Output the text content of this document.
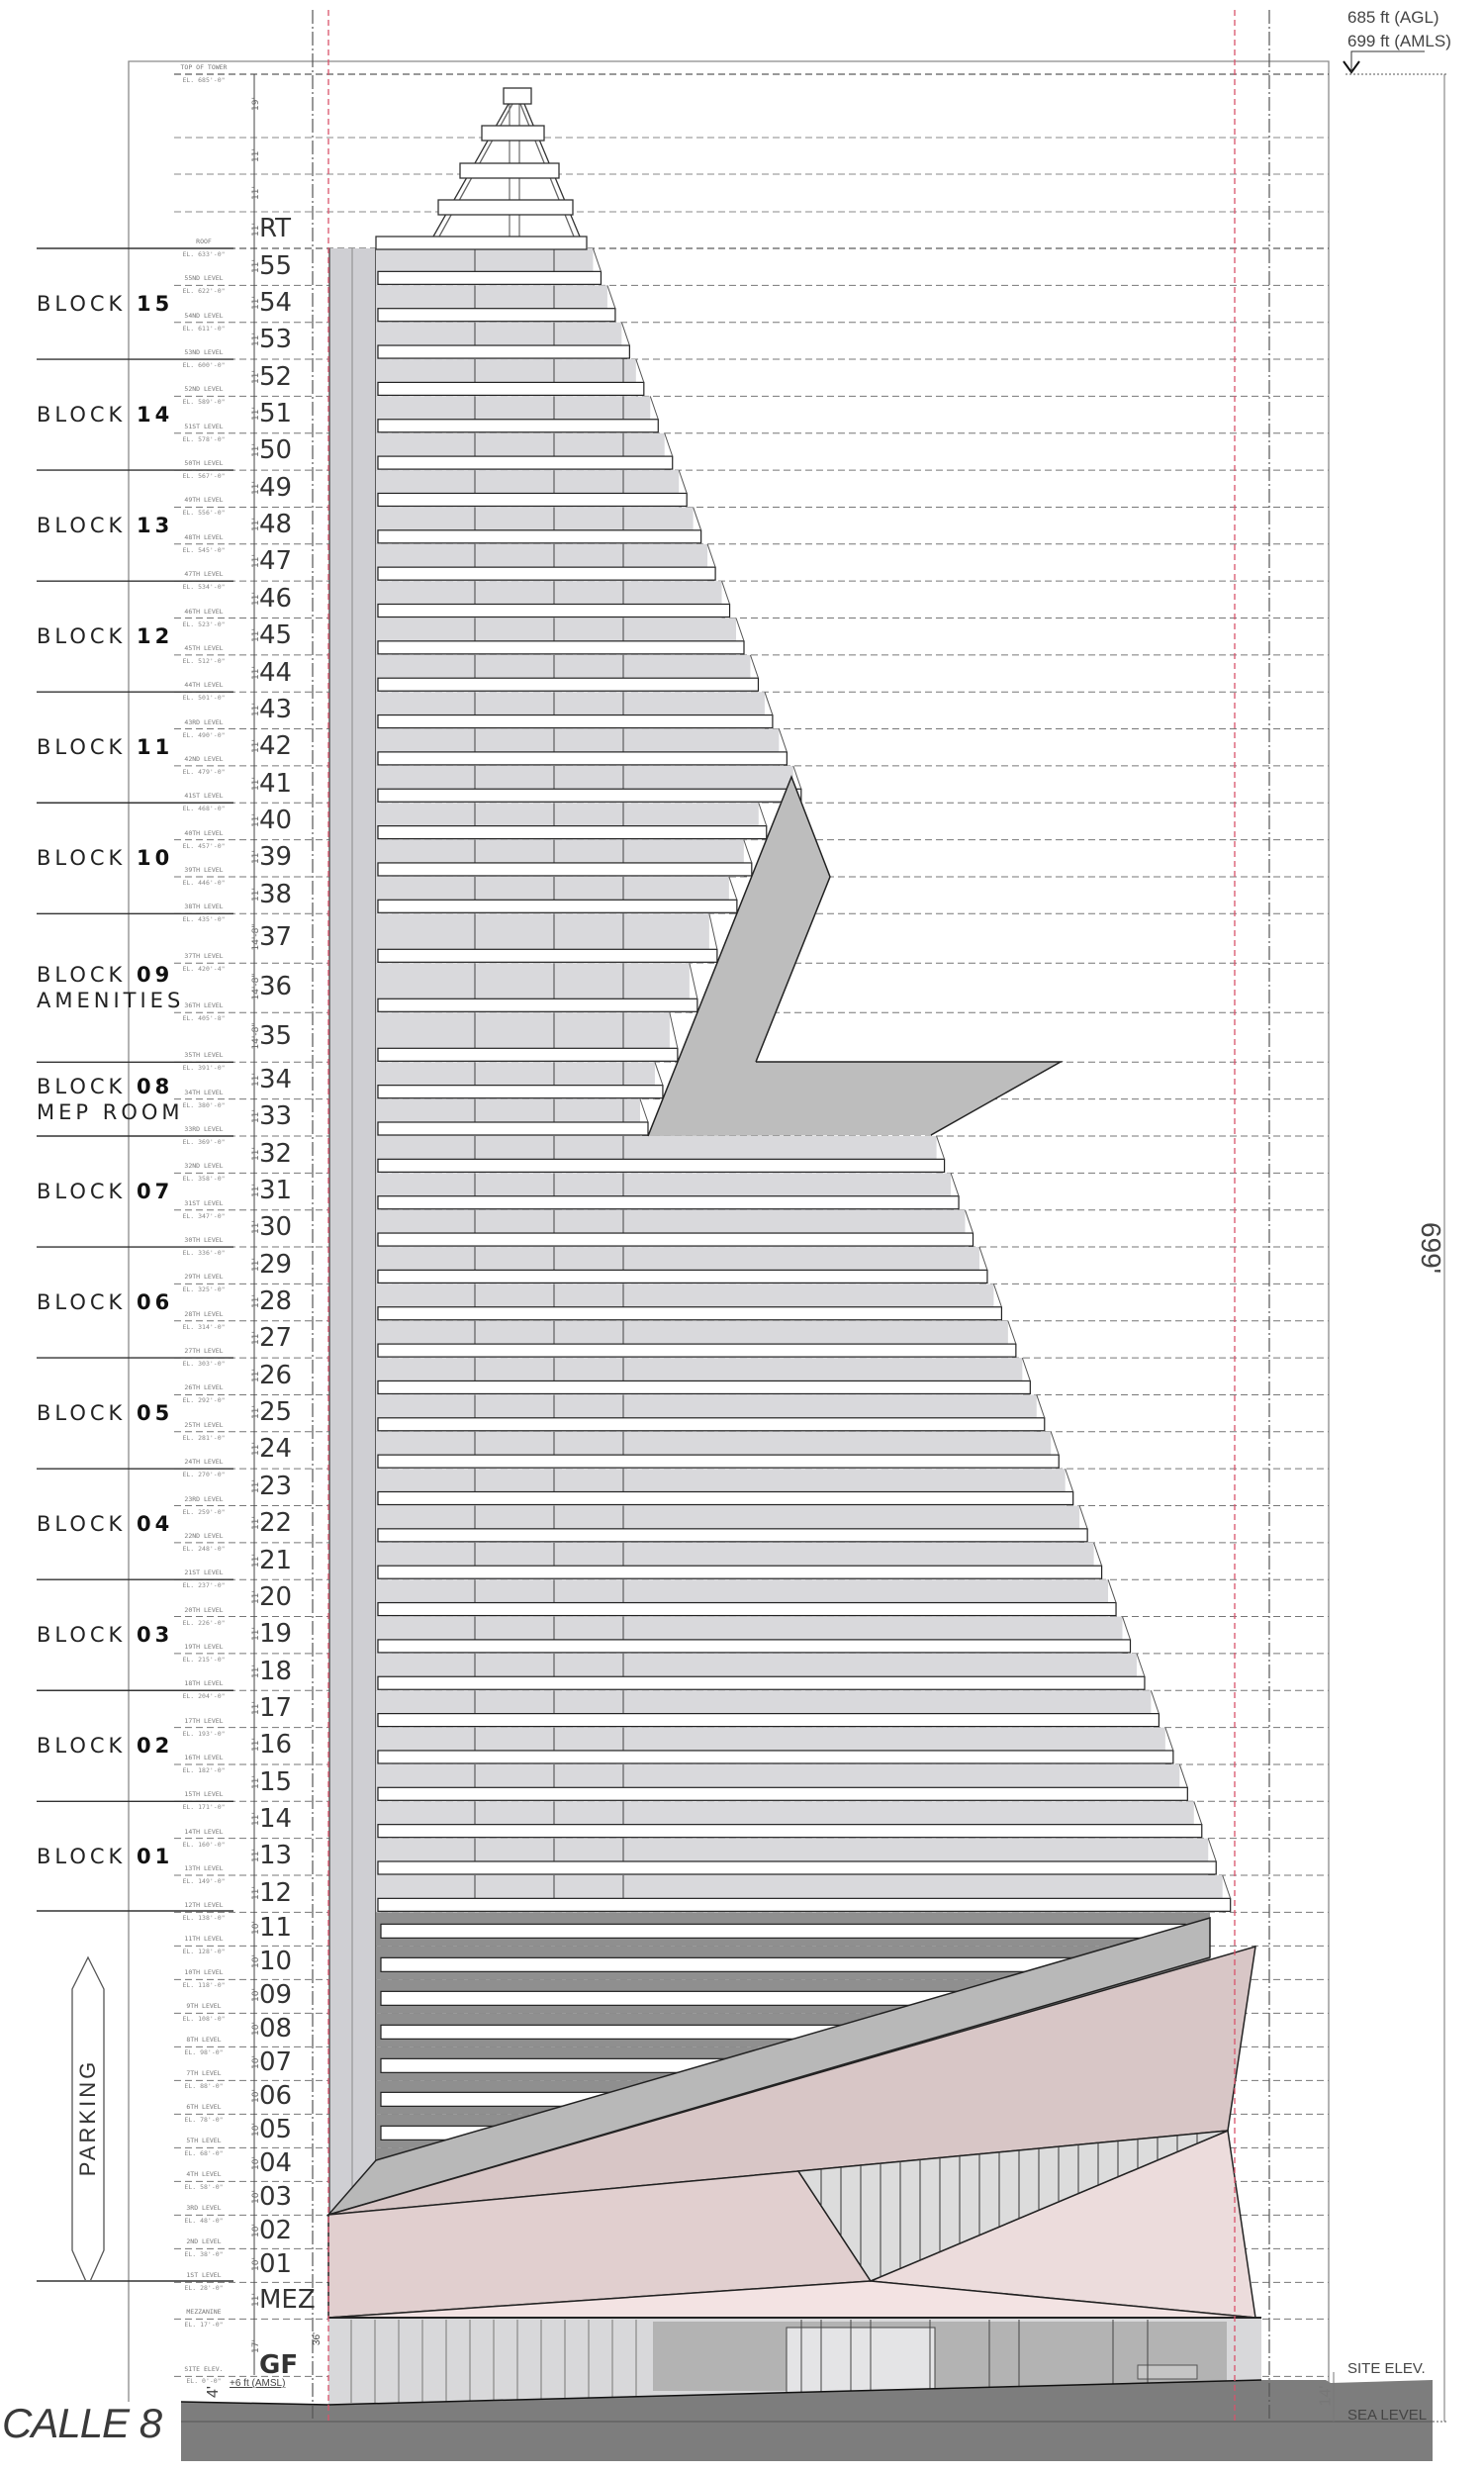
685 ft (AGL)
699 ft (AMLS)
699'
TOP OF TOWER
EL. 685'-0"
ROOF	RT
19'
11'
11'
11'
55
11'
55ND LEVEL
EL. 633'-0"
54
11'
54ND LEVEL
EL. 622'-0"
53
11'
53ND LEVEL
EL. 611'-0"
52
11'
52ND LEVEL
EL. 600'-0"
51
11'
51ST LEVEL
EL. 589'-0"
50
11'
50TH LEVEL
EL. 578'-0"
49
11'
49TH LEVEL
EL. 567'-0"
48
11'
48TH LEVEL
EL. 556'-0"
47
11'
47TH LEVEL
EL. 545'-0"
46
11'
46TH LEVEL
EL. 534'-0"
45
11'
45TH LEVEL
EL. 523'-0"
44
11'
44TH LEVEL
EL. 512'-0"
43
11'
43RD LEVEL
EL. 501'-0"
42
11'
42ND LEVEL
EL. 490'-0"
41
11'
41ST LEVEL
EL. 479'-0"
40
11'
40TH LEVEL
EL. 468'-0"
39
11'
39TH LEVEL
EL. 457'-0"
38
11'
38TH LEVEL
EL. 446'-0"
37
14'-8"
37TH LEVEL
EL. 435'-0"
36
14'-8"
36TH LEVEL
EL. 420'-4"
35
14'-8"
35TH LEVEL
EL. 405'-8"
34
11'
34TH LEVEL
EL. 391'-0"
33
11'
33RD LEVEL
EL. 380'-0"
32
11'
32ND LEVEL
EL. 369'-0"
31
11'
31ST LEVEL
EL. 358'-0"
30
11'
30TH LEVEL
EL. 347'-0"
29
11'
29TH LEVEL
EL. 336'-0"
28
11'
28TH LEVEL
EL. 325'-0"
27
11'
27TH LEVEL
EL. 314'-0"
26
11'
26TH LEVEL
EL. 303'-0"
25
11'
25TH LEVEL
EL. 292'-0"
24
11'
24TH LEVEL
EL. 281'-0"
23
11'
23RD LEVEL
EL. 270'-0"
22
11'
22ND LEVEL
EL. 259'-0"
21
11'
21ST LEVEL
EL. 248'-0"
20
11'
20TH LEVEL
EL. 237'-0"
19
11'
19TH LEVEL
EL. 226'-0"
18
11'
18TH LEVEL
EL. 215'-0"
17
11'
17TH LEVEL
EL. 204'-0"
16
11'
16TH LEVEL
EL. 193'-0"
15
11'
15TH LEVEL
EL. 182'-0"
14
11'
14TH LEVEL
EL. 171'-0"
13
11'
13TH LEVEL
EL. 160'-0"
12
11'
12TH LEVEL
EL. 149'-0"
11
10'
11TH LEVEL
EL. 138'-0"
10
10'
10TH LEVEL
EL. 128'-0"
09
10'
9TH LEVEL
EL. 118'-0"
08
10'
8TH LEVEL
EL. 108'-0"
07
10'
7TH LEVEL
EL. 98'-0"
06
10'
6TH LEVEL
EL. 88'-0"
05
10'
5TH LEVEL
EL. 78'-0"
04
10'
4TH LEVEL
EL. 68'-0"
03
10'
3RD LEVEL
EL. 58'-0"
02
10'
2ND LEVEL
EL. 48'-0"
01
10'
1ST LEVEL
EL. 38'-0"
MEZ
11'
MEZZANINE
EL. 28'-0"
GF
17'
SITE ELEV.
EL. 17'-0"
BLOCK 15
BLOCK 14
BLOCK 13
BLOCK 12
BLOCK 11
BLOCK 10
BLOCK 09
AMENITIES
BLOCK 08
MEP ROOM
BLOCK 07
BLOCK 06
BLOCK 05
BLOCK 04
BLOCK 03
BLOCK 02
BLOCK 01
EL. 0'-0"
CALLE 8
+6 ft (AMSL)
4'
36'
SITE ELEV.
SEA LEVEL
14'
PARKING
